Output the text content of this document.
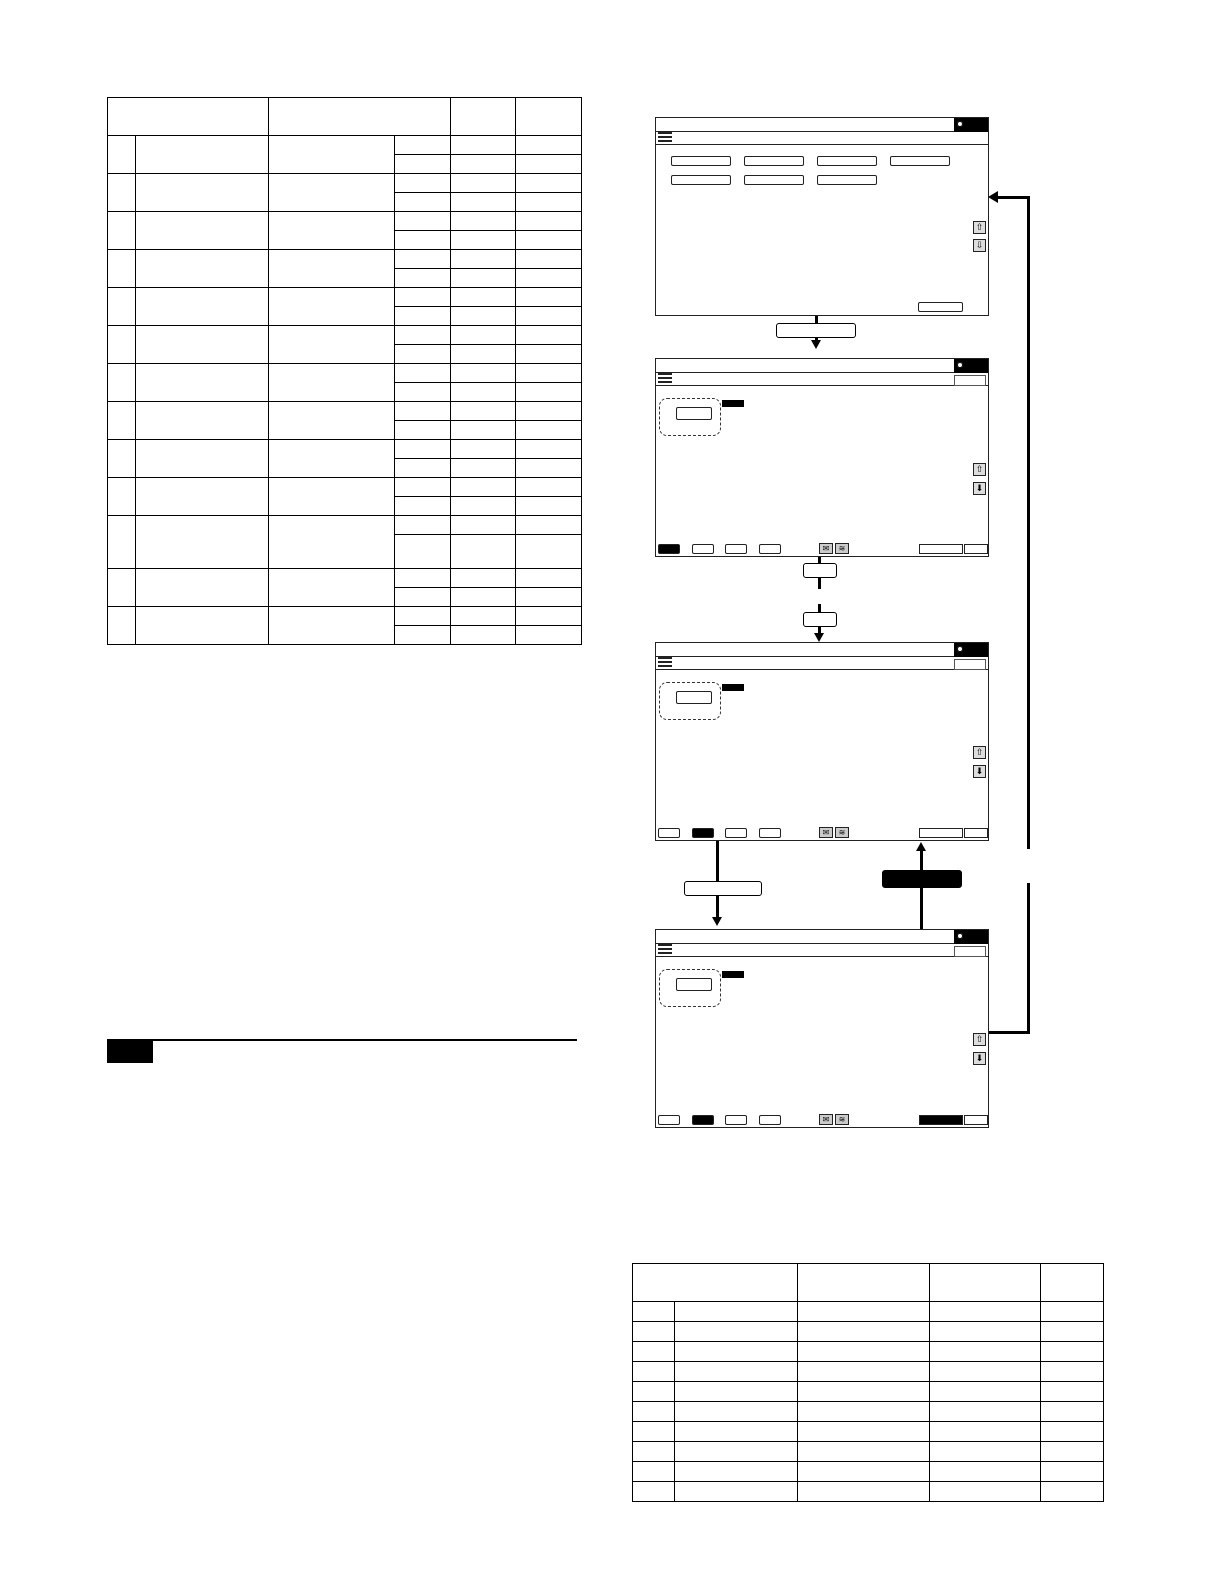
⇧
⇩
⇧
⬇
✉	≋
⇧
⬇
✉	≋
⇧
⬇
✉	≋
